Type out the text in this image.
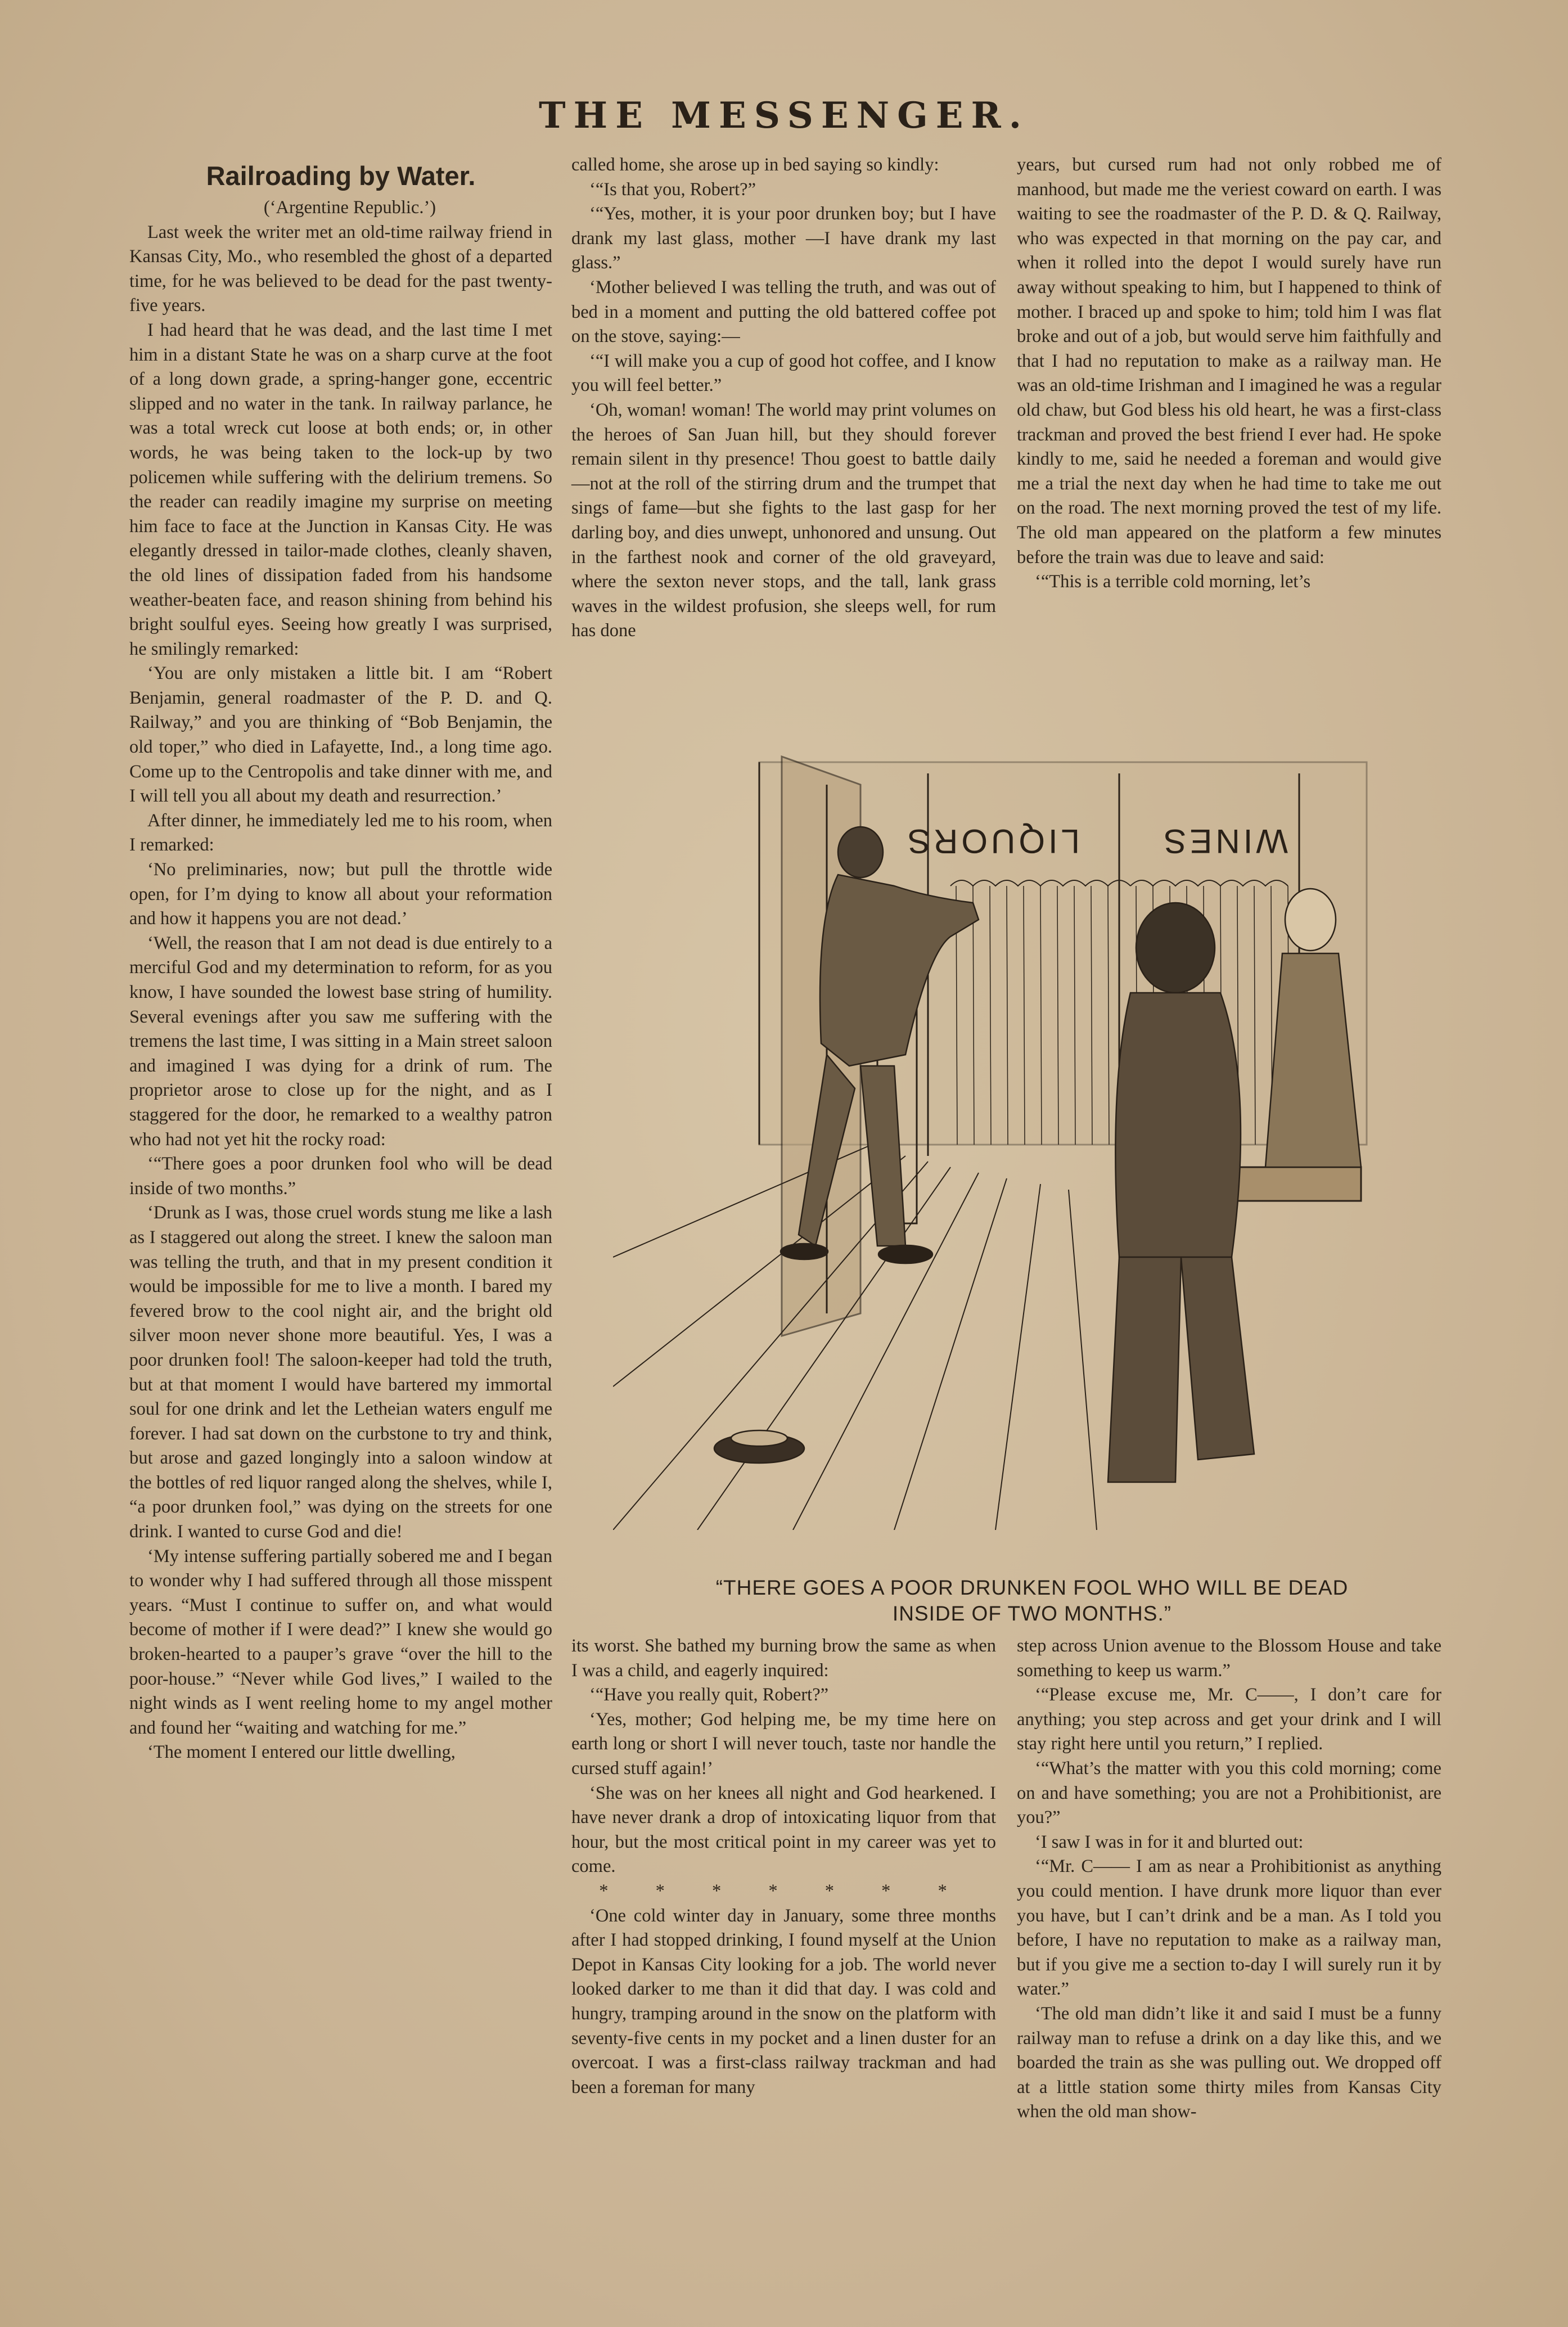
THE MESSENGER.
Railroading by Water.

(‘Argentine Republic.’)

Last week the writer met an old-time railway friend in Kansas City, Mo., who resembled the ghost of a departed time, for he was believed to be dead for the past twenty-five years.

I had heard that he was dead, and the last time I met him in a distant State he was on a sharp curve at the foot of a long down grade, a spring-hanger gone, eccentric slipped and no water in the tank. In railway parlance, he was a total wreck cut loose at both ends; or, in other words, he was being taken to the lock-up by two policemen while suffering with the delirium tremens. So the reader can readily imagine my surprise on meeting him face to face at the Junction in Kansas City. He was elegantly dressed in tailor-made clothes, cleanly shaven, the old lines of dissipation faded from his handsome weather-beaten face, and reason shining from behind his bright soulful eyes. Seeing how greatly I was surprised, he smilingly remarked:

‘You are only mistaken a little bit. I am “Robert Benjamin, general roadmaster of the P. D. and Q. Railway,” and you are thinking of “Bob Benjamin, the old toper,” who died in Lafayette, Ind., a long time ago. Come up to the Centropolis and take dinner with me, and I will tell you all about my death and resurrection.’

After dinner, he immediately led me to his room, when I remarked:

‘No preliminaries, now; but pull the throttle wide open, for I’m dying to know all about your reformation and how it happens you are not dead.’

‘Well, the reason that I am not dead is due entirely to a merciful God and my determination to reform, for as you know, I have sounded the lowest base string of humility. Several evenings after you saw me suffering with the tremens the last time, I was sitting in a Main street saloon and imagined I was dying for a drink of rum. The proprietor arose to close up for the night, and as I staggered for the door, he remarked to a wealthy patron who had not yet hit the rocky road:

‘“There goes a poor drunken fool who will be dead inside of two months.”

‘Drunk as I was, those cruel words stung me like a lash as I staggered out along the street. I knew the saloon man was telling the truth, and that in my present condition it would be impossible for me to live a month. I bared my fevered brow to the cool night air, and the bright old silver moon never shone more beautiful. Yes, I was a poor drunken fool! The saloon-keeper had told the truth, but at that moment I would have bartered my immortal soul for one drink and let the Letheian waters engulf me forever. I had sat down on the curbstone to try and think, but arose and gazed longingly into a saloon window at the bottles of red liquor ranged along the shelves, while I, “a poor drunken fool,” was dying on the streets for one drink. I wanted to curse God and die!

‘My intense suffering partially sobered me and I began to wonder why I had suffered through all those misspent years. “Must I continue to suffer on, and what would become of mother if I were dead?” I knew she would go broken-hearted to a pauper’s grave “over the hill to the poor-house.” “Never while God lives,” I wailed to the night winds as I went reeling home to my angel mother and found her “waiting and watching for me.”

‘The moment I entered our little dwelling,

called home, she arose up in bed saying so kindly:

‘“Is that you, Robert?”

‘“Yes, mother, it is your poor drunken boy; but I have drank my last glass, mother —I have drank my last glass.”

‘Mother believed I was telling the truth, and was out of bed in a moment and putting the old battered coffee pot on the stove, saying:—

‘“I will make you a cup of good hot coffee, and I know you will feel better.”

‘Oh, woman! woman! The world may print volumes on the heroes of San Juan hill, but they should forever remain silent in thy presence! Thou goest to battle daily—not at the roll of the stirring drum and the trumpet that sings of fame—but she fights to the last gasp for her darling boy, and dies unwept, unhonored and unsung. Out in the farthest nook and corner of the old graveyard, where the sexton never stops, and the tall, lank grass waves in the wildest profusion, she sleeps well, for rum has done

years, but cursed rum had not only robbed me of manhood, but made me the veriest coward on earth. I was waiting to see the roadmaster of the P. D. & Q. Railway, who was expected in that morning on the pay car, and when it rolled into the depot I would surely have run away without speaking to him, but I happened to think of mother. I braced up and spoke to him; told him I was flat broke and out of a job, but would serve him faithfully and that I had no reputation to make as a railway man. He was an old-time Irishman and I imagined he was a regular old chaw, but God bless his old heart, he was a first-class trackman and proved the best friend I ever had. He spoke kindly to me, said he needed a foreman and would give me a trial the next day when he had time to take me out on the road. The next morning proved the test of my life. The old man appeared on the platform a few minutes before the train was due to leave and said:

‘“This is a terrible cold morning, let’s

LIQUORS WINES
“THERE GOES A POOR DRUNKEN FOOL WHO WILL BE DEAD
INSIDE OF TWO MONTHS.”

its worst. She bathed my burning brow the same as when I was a child, and eagerly inquired:

‘“Have you really quit, Robert?”

‘Yes, mother; God helping me, be my time here on earth long or short I will never touch, taste nor handle the cursed stuff again!’

‘She was on her knees all night and God hearkened. I have never drank a drop of intoxicating liquor from that hour, but the most critical point in my career was yet to come.

* * * * * * *

‘One cold winter day in January, some three months after I had stopped drinking, I found myself at the Union Depot in Kansas City looking for a job. The world never looked darker to me than it did that day. I was cold and hungry, tramping around in the snow on the platform with seventy-five cents in my pocket and a linen duster for an overcoat. I was a first-class railway trackman and had been a foreman for many

step across Union avenue to the Blossom House and take something to keep us warm.”

‘“Please excuse me, Mr. C——, I don’t care for anything; you step across and get your drink and I will stay right here until you return,” I replied.

‘“What’s the matter with you this cold morning; come on and have something; you are not a Prohibitionist, are you?”

‘I saw I was in for it and blurted out:

‘“Mr. C—— I am as near a Prohibitionist as anything you could mention. I have drunk more liquor than ever you have, but I can’t drink and be a man. As I told you before, I have no reputation to make as a railway man, but if you give me a section to-day I will surely run it by water.”

‘The old man didn’t like it and said I must be a funny railway man to refuse a drink on a day like this, and we boarded the train as she was pulling out. We dropped off at a little station some thirty miles from Kansas City when the old man show-
